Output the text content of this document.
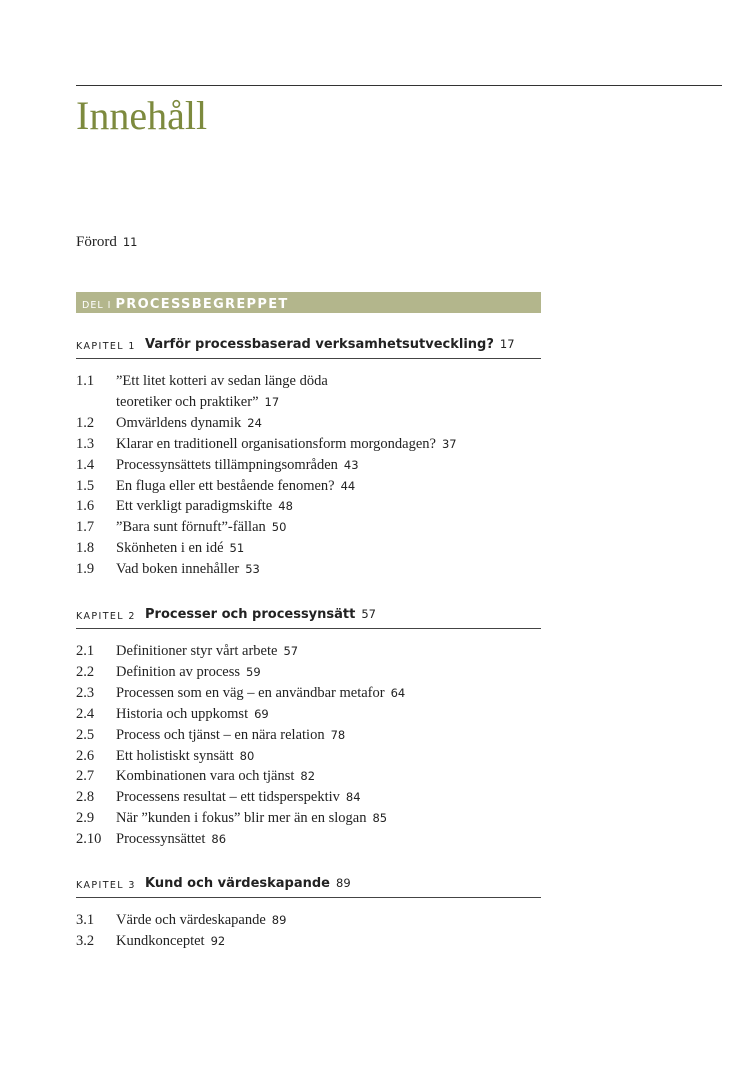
Innehåll
Förord 11
DEL I PROCESSBEGREPPET
KAPITEL 1 Varför processbaserad verksamhetsutveckling? 17
1.1	”Ett litet kotteri av sedan länge döda
teoretiker och praktiker” 17
1.2	Omvärldens dynamik 24
1.3	Klarar en traditionell organisationsform morgondagen? 37
1.4	Processynsättets tillämpningsområden 43
1.5	En fluga eller ett bestående fenomen? 44
1.6	Ett verkligt paradigmskifte 48
1.7	”Bara sunt förnuft”-fällan 50
1.8	Skönheten i en idé 51
1.9	Vad boken innehåller 53
KAPITEL 2 Processer och processynsätt 57
2.1	Definitioner styr vårt arbete 57
2.2	Definition av process 59
2.3	Processen som en väg – en användbar metafor 64
2.4	Historia och uppkomst 69
2.5	Process och tjänst – en nära relation 78
2.6	Ett holistiskt synsätt 80
2.7	Kombinationen vara och tjänst 82
2.8	Processens resultat – ett tidsperspektiv 84
2.9	När ”kunden i fokus” blir mer än en slogan 85
2.10	Processynsättet 86
KAPITEL 3 Kund och värdeskapande 89
3.1	Värde och värdeskapande 89
3.2	Kundkonceptet 92
